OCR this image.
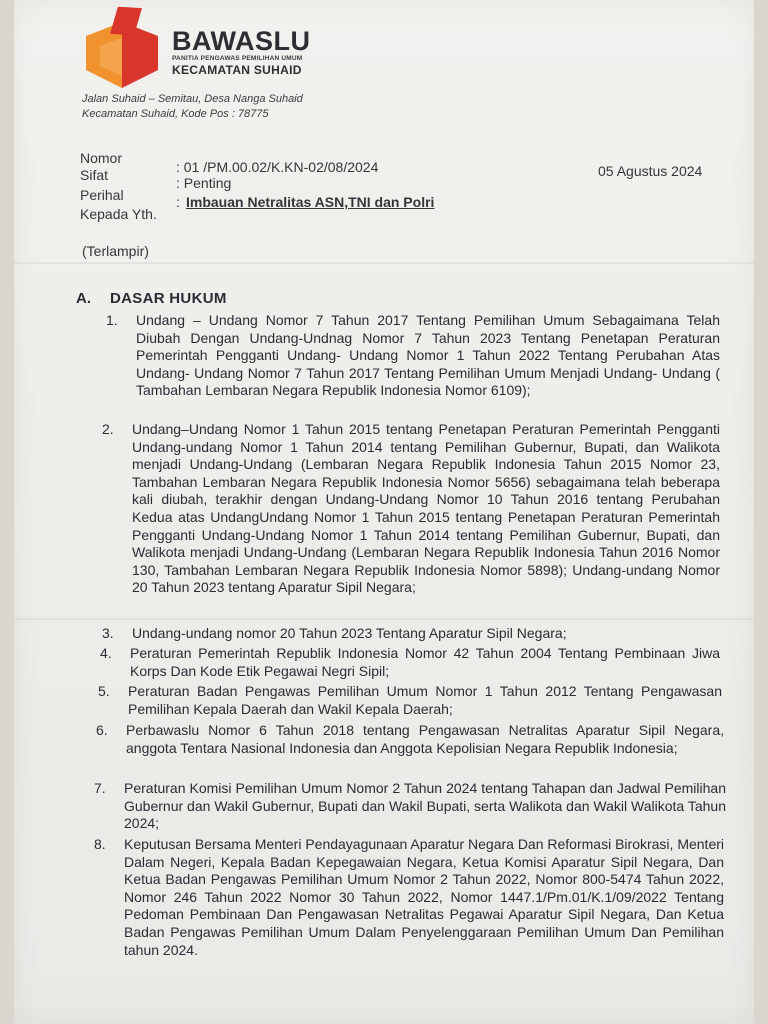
BAWASLU
PANITIA PENGAWAS PEMILIHAN UMUM
KECAMATAN SUHAID
Jalan Suhaid – Semitau, Desa Nanga Suhaid
Kecamatan Suhaid, Kode Pos : 78775
Nomor
: 01 /PM.00.02/K.KN-02/08/2024
Sifat	: Penting
Perihal	: Imbauan Netralitas ASN,TNI dan Polri
Kepada Yth.
05 Agustus 2024
(Terlampir)
A. DASAR HUKUM
1. Undang – Undang Nomor 7 Tahun 2017 Tentang Pemilihan Umum Sebagaimana Telah Diubah Dengan Undang-Undnag Nomor 7 Tahun 2023 Tentang Penetapan Peraturan Pemerintah Pengganti Undang- Undang Nomor 1 Tahun 2022 Tentang Perubahan Atas Undang- Undang Nomor 7 Tahun 2017 Tentang Pemilihan Umum Menjadi Undang- Undang ( Tambahan Lembaran Negara Republik Indonesia Nomor 6109);
2. Undang–Undang Nomor 1 Tahun 2015 tentang Penetapan Peraturan Pemerintah Pengganti Undang-undang Nomor 1 Tahun 2014 tentang Pemilihan Gubernur, Bupati, dan Walikota menjadi Undang-Undang (Lembaran Negara Republik Indonesia Tahun 2015 Nomor 23, Tambahan Lembaran Negara Republik Indonesia Nomor 5656) sebagaimana telah beberapa kali diubah, terakhir dengan Undang-Undang Nomor 10 Tahun 2016 tentang Perubahan Kedua atas UndangUndang Nomor 1 Tahun 2015 tentang Penetapan Peraturan Pemerintah Pengganti Undang-Undang Nomor 1 Tahun 2014 tentang Pemilihan Gubernur, Bupati, dan Walikota menjadi Undang-Undang (Lembaran Negara Republik Indonesia Tahun 2016 Nomor 130, Tambahan Lembaran Negara Republik Indonesia Nomor 5898); Undang-undang Nomor 20 Tahun 2023 tentang Aparatur Sipil Negara;
3. Undang-undang nomor 20 Tahun 2023 Tentang Aparatur Sipil Negara;
4. Peraturan Pemerintah Republik Indonesia Nomor 42 Tahun 2004 Tentang Pembinaan Jiwa Korps Dan Kode Etik Pegawai Negri Sipil;
5. Peraturan Badan Pengawas Pemilihan Umum Nomor 1 Tahun 2012 Tentang Pengawasan Pemilihan Kepala Daerah dan Wakil Kepala Daerah;
6. Perbawaslu Nomor 6 Tahun 2018 tentang Pengawasan Netralitas Aparatur Sipil Negara, anggota Tentara Nasional Indonesia dan Anggota Kepolisian Negara Republik Indonesia;
7. Peraturan Komisi Pemilihan Umum Nomor 2 Tahun 2024 tentang Tahapan dan Jadwal Pemilihan Gubernur dan Wakil Gubernur, Bupati dan Wakil Bupati, serta Walikota dan Wakil Walikota Tahun 2024;
8. Keputusan Bersama Menteri Pendayagunaan Aparatur Negara Dan Reformasi Birokrasi, Menteri Dalam Negeri, Kepala Badan Kepegawaian Negara, Ketua Komisi Aparatur Sipil Negara, Dan Ketua Badan Pengawas Pemilihan Umum Nomor 2 Tahun 2022, Nomor 800-5474 Tahun 2022, Nomor 246 Tahun 2022 Nomor 30 Tahun 2022, Nomor 1447.1/Pm.01/K.1/09/2022 Tentang Pedoman Pembinaan Dan Pengawasan Netralitas Pegawai Aparatur Sipil Negara, Dan Ketua Badan Pengawas Pemilihan Umum Dalam Penyelenggaraan Pemilihan Umum Dan Pemilihan tahun 2024.
